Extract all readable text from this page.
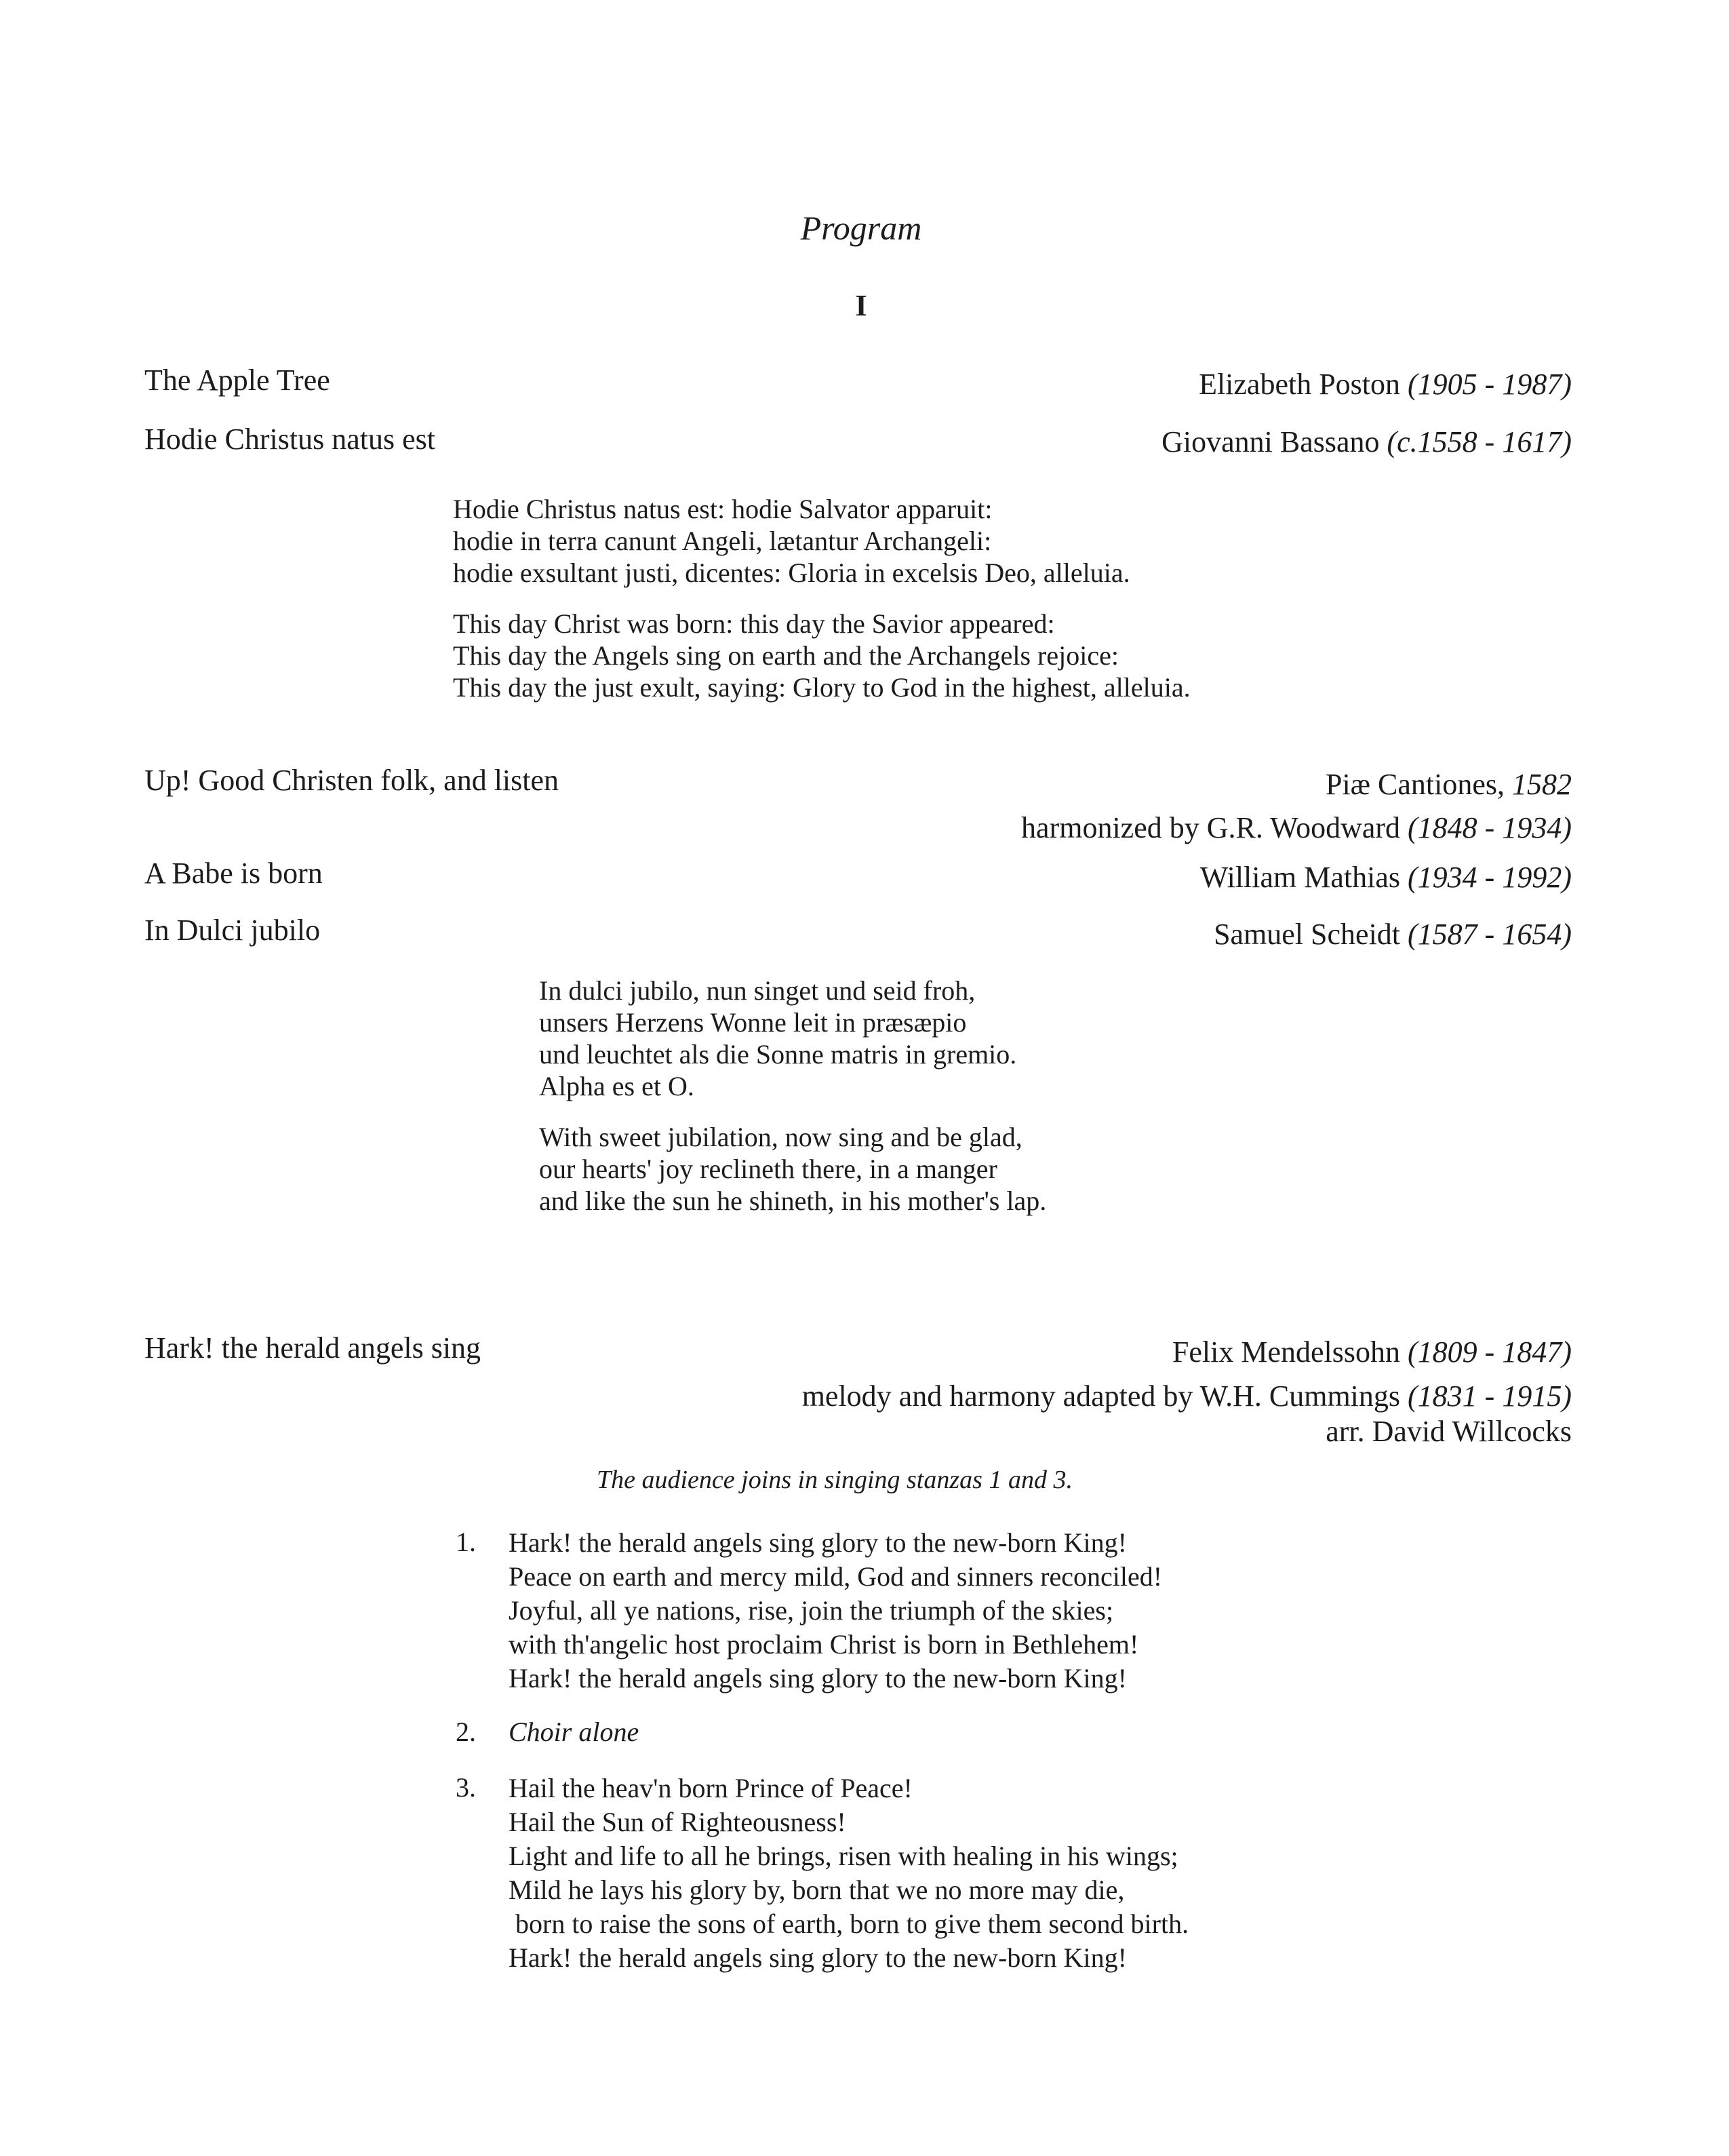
Program
I
The Apple Tree	Elizabeth Poston (1905 - 1987)
Hodie Christus natus est	Giovanni Bassano (c.1558 - 1617)
Hodie Christus natus est: hodie Salvator apparuit:
hodie in terra canunt Angeli, lætantur Archangeli:
hodie exsultant justi, dicentes: Gloria in excelsis Deo, alleluia.
This day Christ was born: this day the Savior appeared:
This day the Angels sing on earth and the Archangels rejoice:
This day the just exult, saying: Glory to God in the highest, alleluia.
Up! Good Christen folk, and listen	Piæ Cantiones, 1582
harmonized by G.R. Woodward (1848 - 1934)
A Babe is born	William Mathias (1934 - 1992)
In Dulci jubilo	Samuel Scheidt (1587 - 1654)
In dulci jubilo, nun singet und seid froh,
unsers Herzens Wonne leit in præsæpio
und leuchtet als die Sonne matris in gremio.
Alpha es et O.
With sweet jubilation, now sing and be glad,
our hearts' joy reclineth there, in a manger
and like the sun he shineth, in his mother's lap.
Hark! the herald angels sing	Felix Mendelssohn (1809 - 1847)
melody and harmony adapted by W.H. Cummings (1831 - 1915)
arr. David Willcocks
The audience joins in singing stanzas 1 and 3.
1. Hark! the herald angels sing glory to the new-born King!
Peace on earth and mercy mild, God and sinners reconciled!
Joyful, all ye nations, rise, join the triumph of the skies;
with th'angelic host proclaim Christ is born in Bethlehem!
Hark! the herald angels sing glory to the new-born King!
2. Choir alone
3. Hail the heav'n born Prince of Peace!
Hail the Sun of Righteousness!
Light and life to all he brings, risen with healing in his wings;
Mild he lays his glory by, born that we no more may die,
born to raise the sons of earth, born to give them second birth.
Hark! the herald angels sing glory to the new-born King!
